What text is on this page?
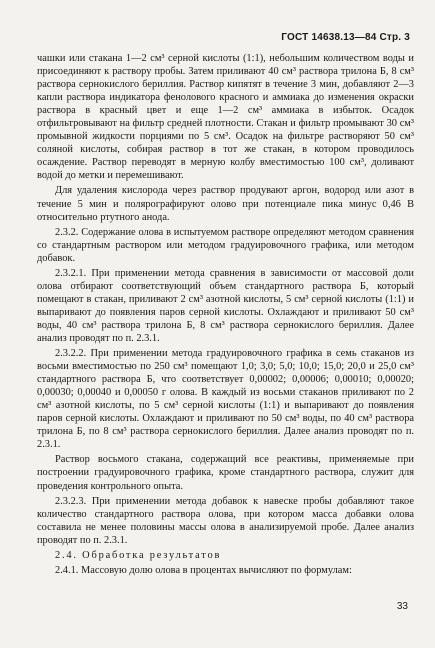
ГОСТ 14638.13—84 Стр. 3

чашки или стакана 1—2 см³ серной кислоты (1:1), небольшим количеством воды и присоединяют к раствору пробы. Затем приливают 40 см³ раствора трилона Б, 8 см³ раствора сернокислого бериллия. Раствор кипятят в течение 3 мин, добавляют 2—3 капли раствора индикатора фенолового красного и аммиака до изменения окраски раствора в красный цвет и еще 1—2 см³ аммиака в избыток. Осадок отфильтровывают на фильтр средней плотности. Стакан и фильтр промывают 30 см³ промывной жидкости порциями по 5 см³. Осадок на фильтре растворяют 50 см³ соляной кислоты, собирая раствор в тот же стакан, в котором проводилось осаждение. Раствор переводят в мерную колбу вместимостью 100 см³, доливают водой до метки и перемешивают.

Для удаления кислорода через раствор продувают аргон, водород или азот в течение 5 мин и полярографируют олово при потенциале пика минус 0,46 В относительно ртутного анода.

2.3.2. Содержание олова в испытуемом растворе определяют методом сравнения со стандартным раствором или методом градуировочного графика, или методом добавок.

2.3.2.1. При применении метода сравнения в зависимости от массовой доли олова отбирают соответствующий объем стандартного раствора Б, который помещают в стакан, приливают 2 см³ азотной кислоты, 5 см³ серной кислоты (1:1) и выпаривают до появления паров серной кислоты. Охлаждают и приливают 50 см³ воды, 40 см³ раствора трилона Б, 8 см³ раствора сернокислого бериллия. Далее анализ проводят по п. 2.3.1.

2.3.2.2. При применении метода градуировочного графика в семь стаканов из восьми вместимостью по 250 см³ помещают 1,0; 3,0; 5,0; 10,0; 15,0; 20,0 и 25,0 см³ стандартного раствора Б, что соответствует 0,00002; 0,00006; 0,00010; 0,00020; 0,00030; 0,00040 и 0,00050 г олова. В каждый из восьми стаканов приливают по 2 см³ азотной кислоты, по 5 см³ серной кислоты (1:1) и выпаривают до появления паров серной кислоты. Охлаждают и приливают по 50 см³ воды, по 40 см³ раствора трилона Б, по 8 см³ раствора сернокислого бериллия. Далее анализ проводят по п. 2.3.1.

Раствор восьмого стакана, содержащий все реактивы, применяемые при построении градуировочного графика, кроме стандартного раствора, служит для проведения контрольного опыта.

2.3.2.3. При применении метода добавок к навеске пробы добавляют такое количество стандартного раствора олова, при котором масса добавки олова составила не менее половины массы олова в анализируемой пробе. Далее анализ проводят по п. 2.3.1.

2.4. Обработка результатов

2.4.1. Массовую долю олова в процентах вычисляют по формулам:

33
